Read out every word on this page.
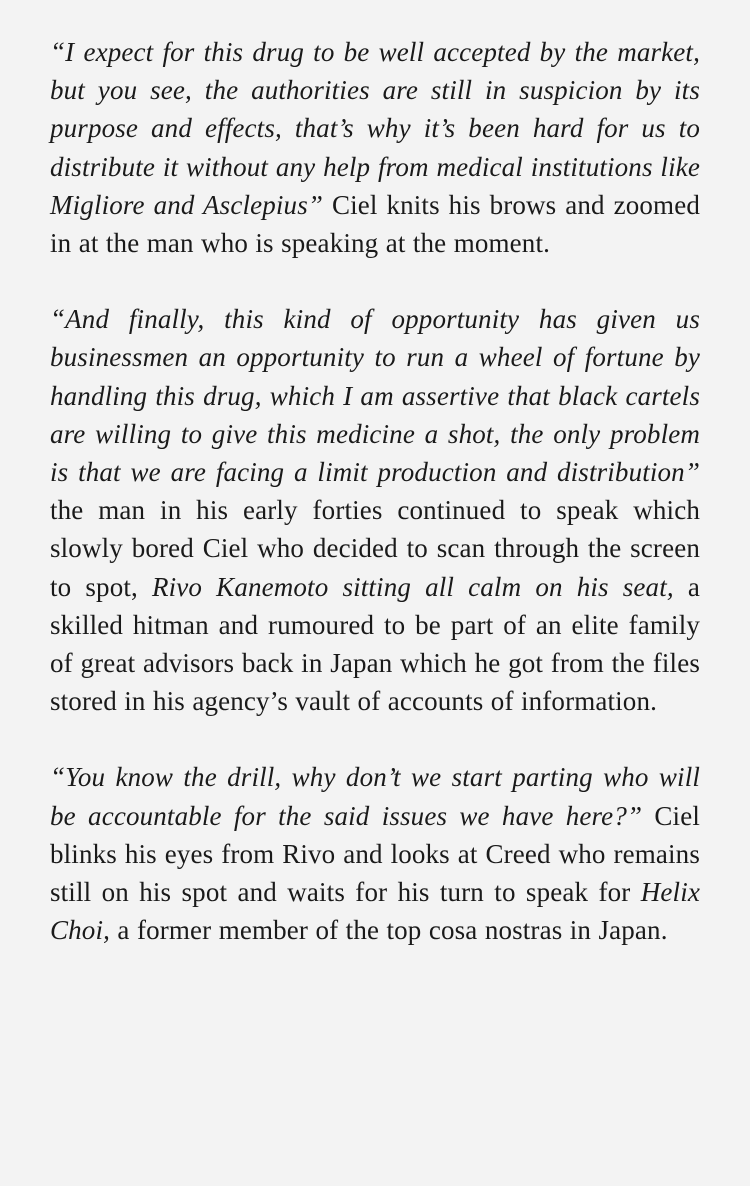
“I expect for this drug to be well accepted by the market, but you see, the authorities are still in suspicion by its purpose and effects, that’s why it’s been hard for us to distribute it without any help from medical institutions like Migliore and Asclepius” Ciel knits his brows and zoomed in at the man who is speaking at the moment.

“And finally, this kind of opportunity has given us businessmen an opportunity to run a wheel of fortune by handling this drug, which I am assertive that black cartels are willing to give this medicine a shot, the only problem is that we are facing a limit production and distribution” the man in his early forties continued to speak which slowly bored Ciel who decided to scan through the screen to spot, Rivo Kanemoto sitting all calm on his seat, a skilled hitman and rumoured to be part of an elite family of great advisors back in Japan which he got from the files stored in his agency’s vault of accounts of information.

“You know the drill, why don’t we start parting who will be accountable for the said issues we have here?” Ciel blinks his eyes from Rivo and looks at Creed who remains still on his spot and waits for his turn to speak for Helix Choi, a former member of the top cosa nostras in Japan.
